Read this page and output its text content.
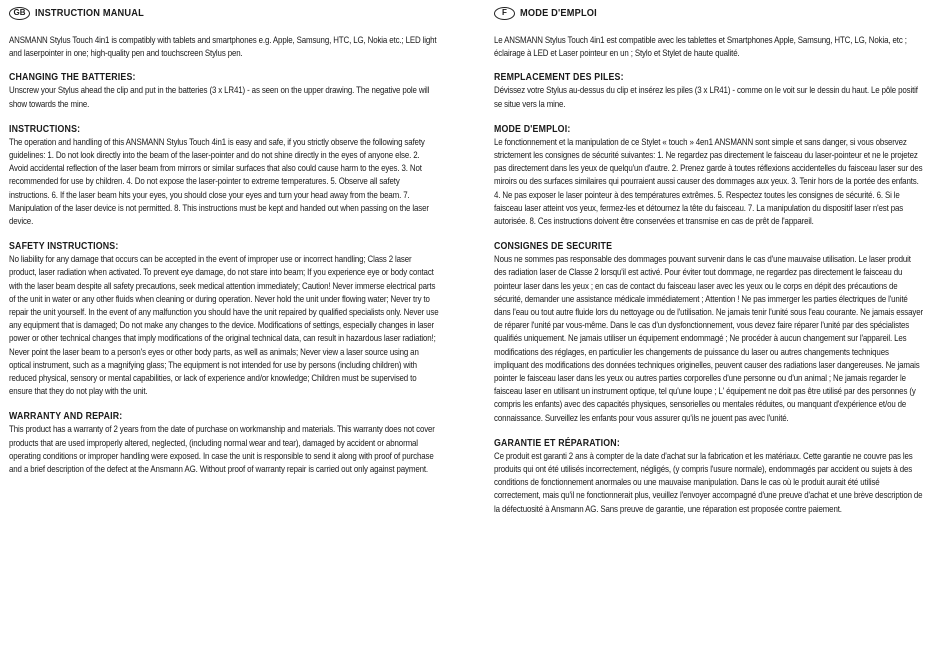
GB INSTRUCTION MANUAL

ANSMANN Stylus Touch 4in1 is compatibly with tablets and smartphones e.g. Apple, Samsung, HTC, LG, Nokia etc.; LED light and laserpointer in one; high-quality pen and touchscreen Stylus pen.

CHANGING THE BATTERIES:

Unscrew your Stylus ahead the clip and put in the batteries (3 x LR41) - as seen on the upper drawing. The negative pole will show towards the mine.

INSTRUCTIONS:

The operation and handling of this ANSMANN Stylus Touch 4in1 is easy and safe, if you strictly observe the following safety guidelines: 1. Do not look directly into the beam of the laser-pointer and do not shine directly in the eyes of anyone else. 2. Avoid accidental reflection of the laser beam from mirrors or similar surfaces that also could cause harm to the eyes. 3. Not recommended for use by children. 4. Do not expose the laser-pointer to extreme temperatures. 5. Observe all safety instructions. 6. If the laser beam hits your eyes, you should close your eyes and turn your head away from the beam. 7. Manipulation of the laser device is not permitted. 8. This instructions must be kept and handed out when passing on the laser device.

SAFETY INSTRUCTIONS:

No liability for any damage that occurs can be accepted in the event of improper use or incorrect handling; Class 2 laser product, laser radiation when activated. To prevent eye damage, do not stare into beam; If you experience eye or body contact with the laser beam despite all safety precautions, seek medical attention immediately; Caution! Never immerse electrical parts of the unit in water or any other fluids when cleaning or during operation. Never hold the unit under flowing water; Never try to repair the unit yourself. In the event of any malfunction you should have the unit repaired by qualified specialists only. Never use any equipment that is damaged; Do not make any changes to the device. Modifications of settings, especially changes in laser power or other technical changes that imply modifications of the original technical data, can result in hazardous laser radiation!; Never point the laser beam to a person's eyes or other body parts, as well as animals; Never view a laser source using an optical instrument, such as a magnifying glass; The equipment is not intended for use by persons (including children) with reduced physical, sensory or mental capabilities, or lack of experience and/or knowledge; Children must be supervised to ensure that they do not play with the unit.

WARRANTY AND REPAIR:

This product has a warranty of 2 years from the date of purchase on workmanship and materials. This warranty does not cover products that are used improperly altered, neglected, (including normal wear and tear), damaged by accident or abnormal operating conditions or improper handling were exposed. In case the unit is responsible to send it along with proof of purchase and a brief description of the defect at the Ansmann AG. Without proof of warranty repair is carried out only against payment.

F	MODE D'EMPLOI

Le ANSMANN Stylus Touch 4in1 est compatible avec les tablettes et Smartphones Apple, Samsung, HTC, LG, Nokia, etc ; éclairage à LED et Laser pointeur en un ; Stylo et Stylet de haute qualité.

REMPLACEMENT DES PILES:

Dévissez votre Stylus au-dessus du clip et insérez les piles (3 x LR41) - comme on le voit sur le dessin du haut. Le pôle positif se situe vers la mine.

MODE D'EMPLOI:

Le fonctionnement et la manipulation de ce Stylet « touch » 4en1 ANSMANN sont simple et sans danger, si vous observez strictement les consignes de sécurité suivantes: 1. Ne regardez pas directement le faisceau du laser-pointeur et ne le projetez pas directement dans les yeux de quelqu'un d'autre. 2. Prenez garde à toutes réflexions accidentelles du faisceau laser sur des miroirs ou des surfaces similaires qui pourraient aussi causer des dommages aux yeux. 3. Tenir hors de la portée des enfants. 4. Ne pas exposer le laser pointeur à des températures extrêmes. 5. Respectez toutes les consignes de sécurité. 6. Si le faisceau laser atteint vos yeux, fermez-les et détournez la tête du faisceau. 7. La manipulation du dispositif laser n'est pas autorisée. 8. Ces instructions doivent être conservées et transmise en cas de prêt de l'appareil.

CONSIGNES DE SECURITE

Nous ne sommes pas responsable des dommages pouvant survenir dans le cas d'une mauvaise utilisation. Le laser produit des radiation laser de Classe 2 lorsqu'il est activé. Pour éviter tout dommage, ne regardez pas directement le faisceau du pointeur laser dans les yeux ; en cas de contact du faisceau laser avec les yeux ou le corps en dépit des précautions de sécurité, demander une assistance médicale immédiatement ; Attention ! Ne pas immerger les parties électriques de l'unité dans l'eau ou tout autre fluide lors du nettoyage ou de l'utilisation. Ne jamais tenir l'unité sous l'eau courante. Ne jamais essayer de réparer l'unité par vous-même. Dans le cas d'un dysfonctionnement, vous devez faire réparer l'unité par des spécialistes qualifiés uniquement. Ne jamais utiliser un équipement endommagé ; Ne procéder à aucun changement sur l'appareil. Les modifications des réglages, en particulier les changements de puissance du laser ou autres changements techniques impliquant des modifications des données techniques originelles, peuvent causer des radiations laser dangereuses. Ne jamais pointer le faisceau laser dans les yeux ou autres parties corporelles d'une personne ou d'un animal ; Ne jamais regarder le faisceau laser en utilisant un instrument optique, tel qu'une loupe ; L' équipement ne doit pas être utilisé par des personnes (y compris les enfants) avec des capacités physiques, sensorielles ou mentales réduites, ou manquant d'expérience et/ou de connaissance. Surveillez les enfants pour vous assurer qu'ils ne jouent pas avec l'unité.

GARANTIE ET RÉPARATION:

Ce produit est garanti 2 ans à compter de la date d'achat sur la fabrication et les matériaux. Cette garantie ne couvre pas les produits qui ont été utilisés incorrectement, négligés, (y compris l'usure normale), endommagés par accident ou sujets à des conditions de fonctionnement anormales ou une mauvaise manipulation. Dans le cas où le produit aurait été utilisé correctement, mais qu'il ne fonctionnerait plus, veuillez l'envoyer accompagné d'une preuve d'achat et une brève description de la défectuosité à Ansmann AG. Sans preuve de garantie, une réparation est proposée contre paiement.
